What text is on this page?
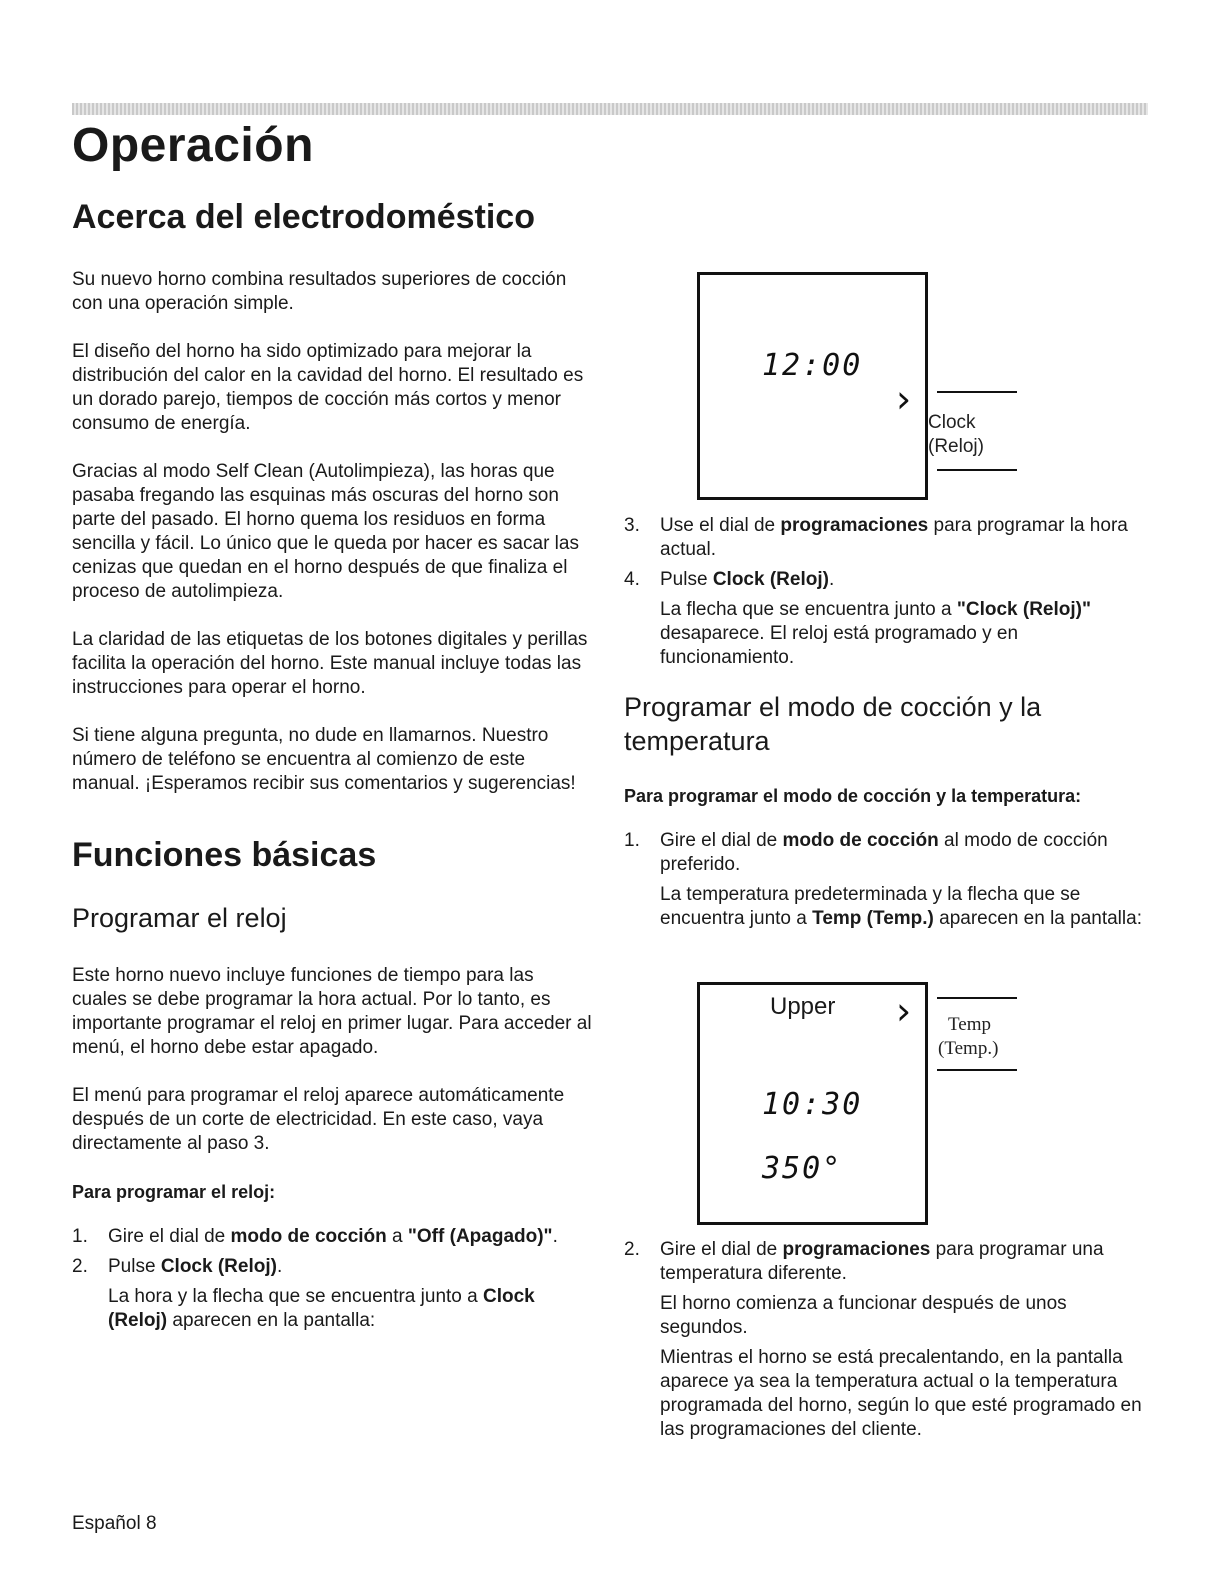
Operación
Acerca del electrodoméstico

Su nuevo horno combina resultados superiores de cocción con una operación simple.

El diseño del horno ha sido optimizado para mejorar la distribución del calor en la cavidad del horno. El resultado es un dorado parejo, tiempos de cocción más cortos y menor consumo de energía.

Gracias al modo Self Clean (Autolimpieza), las horas que pasaba fregando las esquinas más oscuras del horno son parte del pasado. El horno quema los residuos en forma sencilla y fácil. Lo único que le queda por hacer es sacar las cenizas que quedan en el horno después de que finaliza el proceso de autolimpieza.

La claridad de las etiquetas de los botones digitales y perillas facilita la operación del horno. Este manual incluye todas las instrucciones para operar el horno.

Si tiene alguna pregunta, no dude en llamarnos. Nuestro número de teléfono se encuentra al comienzo de este manual. ¡Esperamos recibir sus comentarios y sugerencias!

Funciones básicas
Programar el reloj

Este horno nuevo incluye funciones de tiempo para las cuales se debe programar la hora actual. Por lo tanto, es importante programar el reloj en primer lugar. Para acceder al menú, el horno debe estar apagado.

El menú para programar el reloj aparece automáticamente después de un corte de electricidad. En este caso, vaya directamente al paso 3.

Para programar el reloj:

1. Gire el dial de modo de cocción a "Off (Apagado)".
2. Pulse Clock (Reloj).
La hora y la flecha que se encuentra junto a Clock (Reloj) aparecen en la pantalla:
12:00
›
Clock
(Reloj)
3. Use el dial de programaciones para programar la hora actual.
4. Pulse Clock (Reloj).
La flecha que se encuentra junto a "Clock (Reloj)" desaparece. El reloj está programado y en funcionamiento.
Programar el modo de cocción y la temperatura

Para programar el modo de cocción y la temperatura:

1. Gire el dial de modo de cocción al modo de cocción preferido.
La temperatura predeterminada y la flecha que se encuentra junto a Temp (Temp.) aparecen en la pantalla:
Upper ›
10:30
350°
Temp
(Temp.)
2. Gire el dial de programaciones para programar una temperatura diferente.
El horno comienza a funcionar después de unos segundos.
Mientras el horno se está precalentando, en la pantalla aparece ya sea la temperatura actual o la temperatura programada del horno, según lo que esté programado en las programaciones del cliente.
Español 8
